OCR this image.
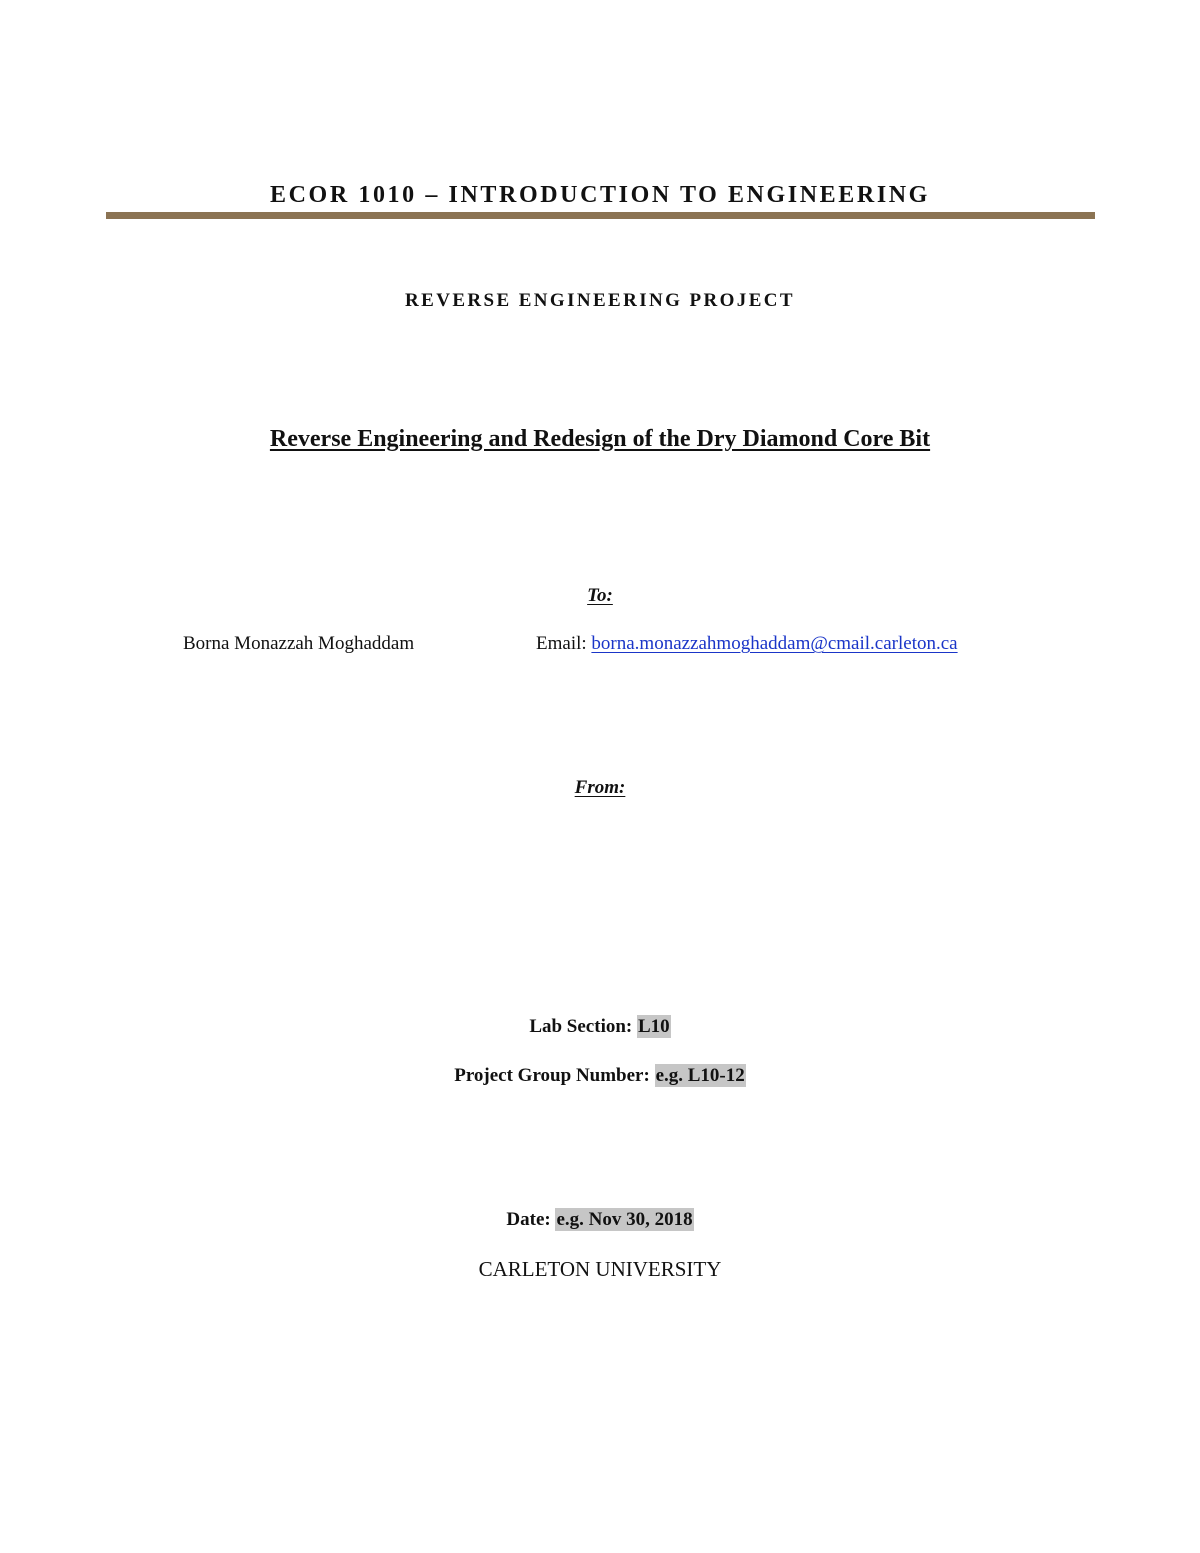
ECOR 1010 – INTRODUCTION TO ENGINEERING
REVERSE ENGINEERING PROJECT
Reverse Engineering and Redesign of the Dry Diamond Core Bit
To:
Borna Monazzah Moghaddam	Email: borna.monazzahmoghaddam@cmail.carleton.ca
From:
Lab Section: L10
Project Group Number: e.g. L10-12
Date: e.g. Nov 30, 2018
CARLETON UNIVERSITY
